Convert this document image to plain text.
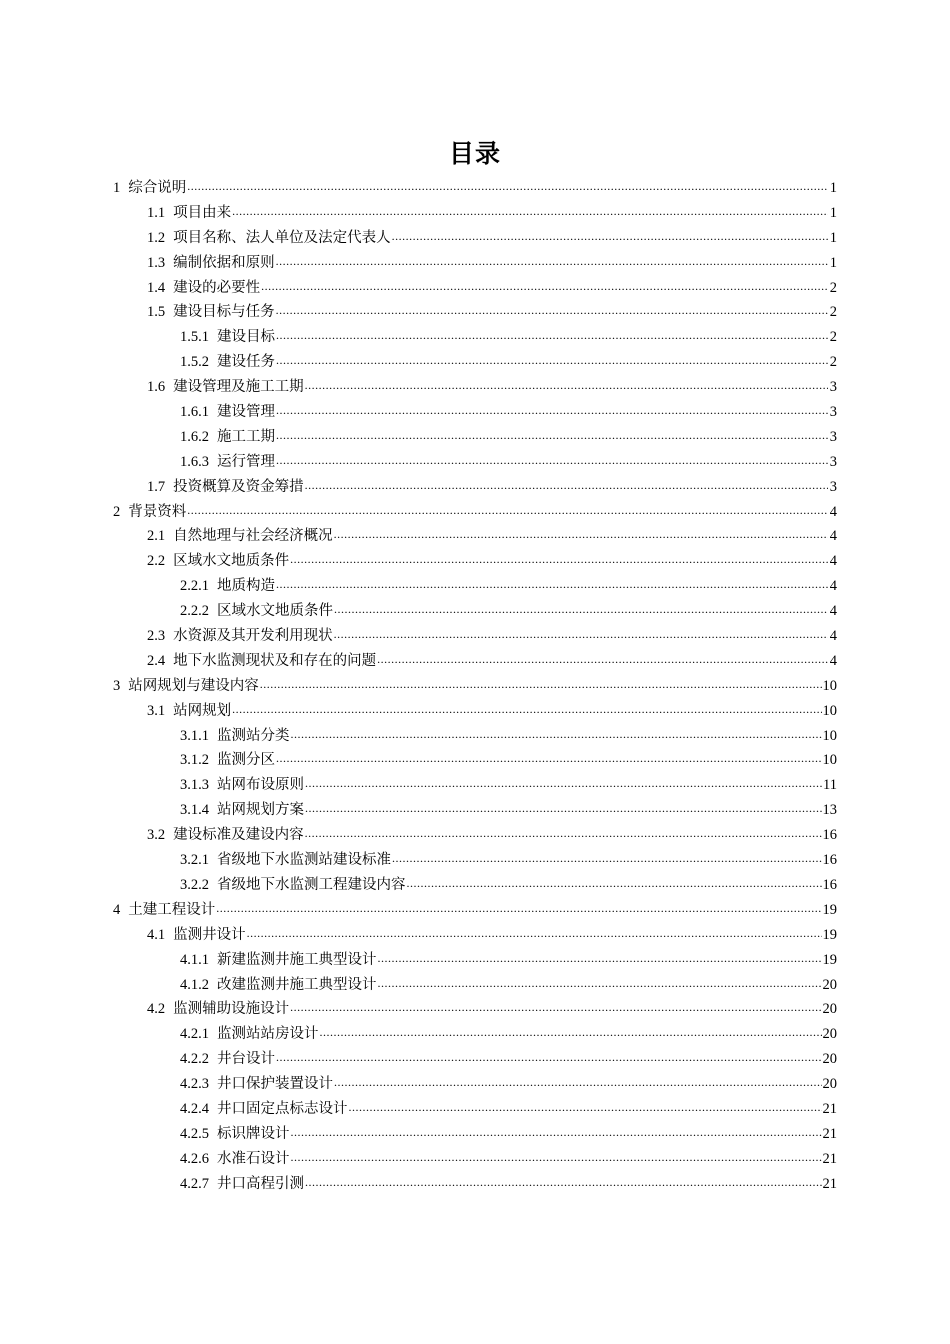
目录
1 综合说明 .....	1
1.1 项目由来 .....	1
1.2 项目名称、法人单位及法定代表人 .....	1
1.3 编制依据和原则 .....	1
1.4 建设的必要性 .....	2
1.5 建设目标与任务 .....	2
1.5.1 建设目标 .....	2
1.5.2 建设任务 .....	2
1.6 建设管理及施工工期 .....	3
1.6.1 建设管理 .....	3
1.6.2 施工工期 .....	3
1.6.3 运行管理 .....	3
1.7 投资概算及资金筹措 .....	3
2 背景资料 .....	4
2.1 自然地理与社会经济概况 .....	4
2.2 区域水文地质条件 .....	4
2.2.1 地质构造 .....	4
2.2.2 区域水文地质条件 .....	4
2.3 水资源及其开发利用现状 .....	4
2.4 地下水监测现状及和存在的问题 .....	4
3 站网规划与建设内容 .....	10
3.1 站网规划 .....	10
3.1.1 监测站分类 .....	10
3.1.2 监测分区 .....	10
3.1.3 站网布设原则 .....	11
3.1.4 站网规划方案 .....	13
3.2 建设标准及建设内容 .....	16
3.2.1 省级地下水监测站建设标准 .....	16
3.2.2 省级地下水监测工程建设内容 .....	16
4 土建工程设计 .....	19
4.1 监测井设计 .....	19
4.1.1 新建监测井施工典型设计 .....	19
4.1.2 改建监测井施工典型设计 .....	20
4.2 监测辅助设施设计 .....	20
4.2.1 监测站站房设计 .....	20
4.2.2 井台设计 .....	20
4.2.3 井口保护装置设计 .....	20
4.2.4 井口固定点标志设计 .....	21
4.2.5 标识牌设计 .....	21
4.2.6 水准石设计 .....	21
4.2.7 井口高程引测 .....	21
